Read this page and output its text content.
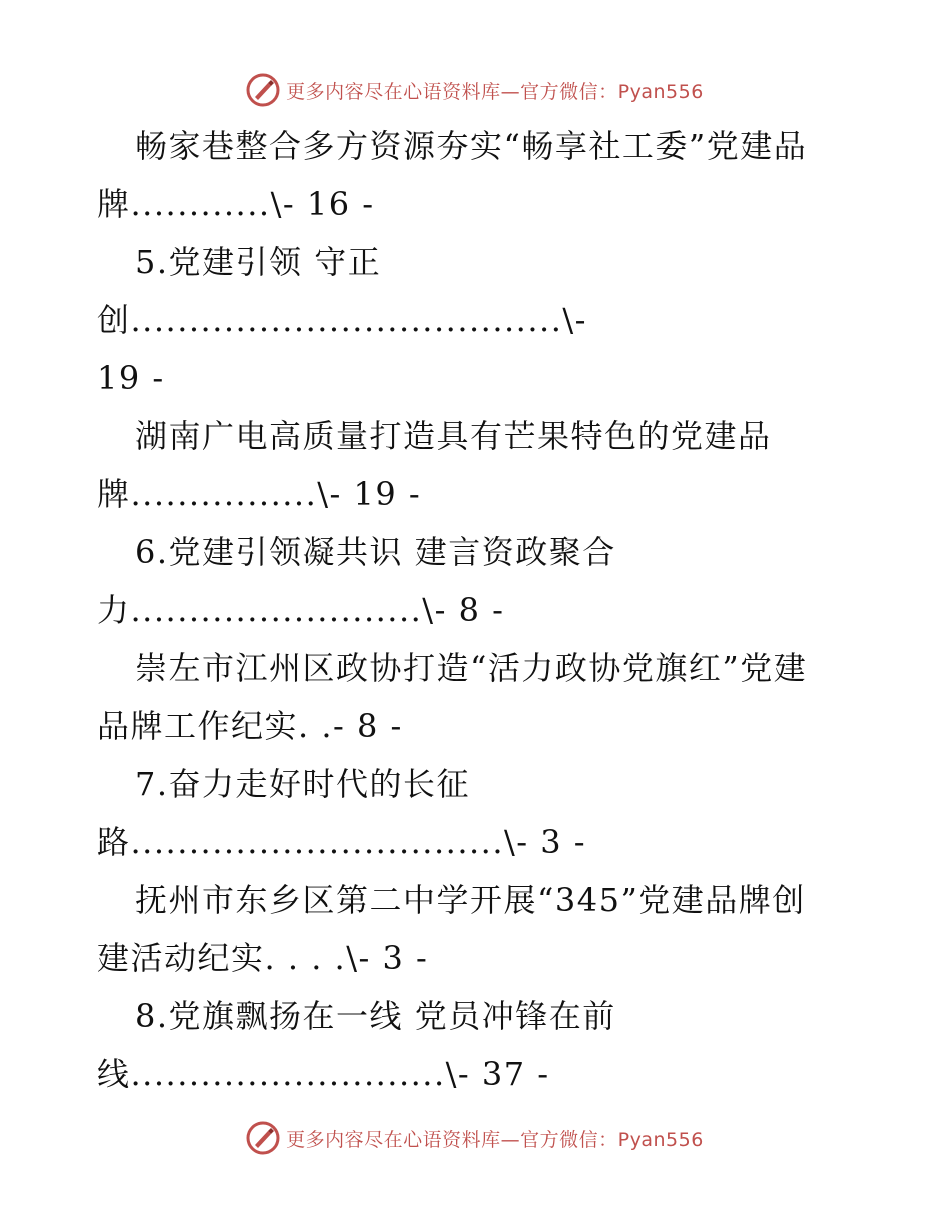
更多内容尽在心语资料库—官方微信：Pyan556
畅家巷整合多方资源夯实“畅享社工委”党建品
牌............\- 16 -
5.党建引领 守正
创.....................................\-
19 -
湖南广电高质量打造具有芒果特色的党建品
牌................\- 19 -
6.党建引领凝共识 建言资政聚合
力.........................\- 8 -
崇左市江州区政协打造“活力政协党旗红”党建
品牌工作纪实. .- 8 -
7.奋力走好时代的长征
路................................\- 3 -
抚州市东乡区第二中学开展“345”党建品牌创
建活动纪实. . . .\- 3 -
8.党旗飘扬在一线 党员冲锋在前
线...........................\- 37 -
更多内容尽在心语资料库—官方微信：Pyan556
